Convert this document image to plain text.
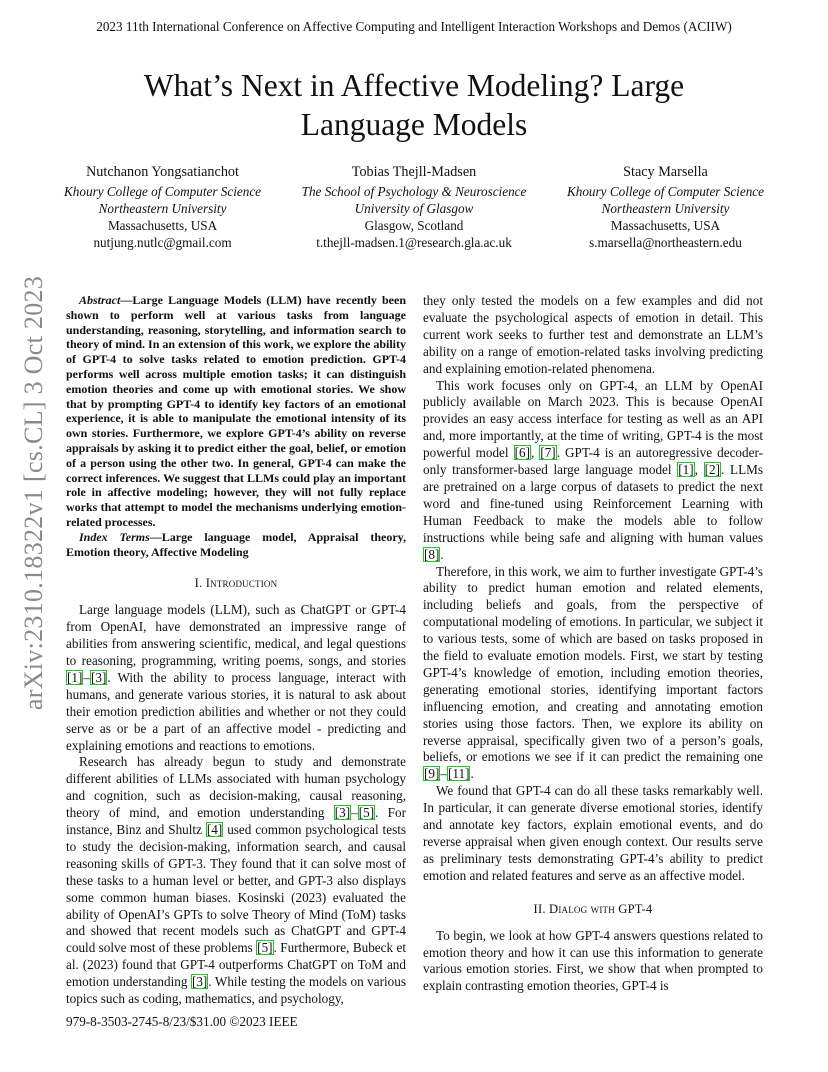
2023 11th International Conference on Affective Computing and Intelligent Interaction Workshops and Demos (ACIIW)
What’s Next in Affective Modeling? Large Language Models
Nutchanon Yongsatianchot
Khoury College of Computer Science
Northeastern University
Massachusetts, USA
nutjung.nutlc@gmail.com
Tobias Thejll-Madsen
The School of Psychology & Neuroscience
University of Glasgow
Glasgow, Scotland
t.thejll-madsen.1@research.gla.ac.uk
Stacy Marsella
Khoury College of Computer Science
Northeastern University
Massachusetts, USA
s.marsella@northeastern.edu
arXiv:2310.18322v1 [cs.CL] 3 Oct 2023	Abstract—Large Language Models (LLM) have recently been shown to perform well at various tasks from language understanding, reasoning, storytelling, and information search to theory of mind. In an extension of this work, we explore the ability of GPT-4 to solve tasks related to emotion prediction. GPT-4 performs well across multiple emotion tasks; it can distinguish emotion theories and come up with emotional stories. We show that by prompting GPT-4 to identify key factors of an emotional experience, it is able to manipulate the emotional intensity of its own stories. Furthermore, we explore GPT-4’s ability on reverse appraisals by asking it to predict either the goal, belief, or emotion of a person using the other two. In general, GPT-4 can make the correct inferences. We suggest that LLMs could play an important role in affective modeling; however, they will not fully replace works that attempt to model the mechanisms underlying emotion-related processes.

Index Terms—Large language model, Appraisal theory, Emotion theory, Affective Modeling

I. Introduction

Large language models (LLM), such as ChatGPT or GPT-4 from OpenAI, have demonstrated an impressive range of abilities from answering scientific, medical, and legal questions to reasoning, programming, writing poems, songs, and stories [1]–[3]. With the ability to process language, interact with humans, and generate various stories, it is natural to ask about their emotion prediction abilities and whether or not they could serve as or be a part of an affective model - predicting and explaining emotions and reactions to emotions.

Research has already begun to study and demonstrate different abilities of LLMs associated with human psychology and cognition, such as decision-making, causal reasoning, theory of mind, and emotion understanding [3]–[5]. For instance, Binz and Shultz [4] used common psychological tests to study the decision-making, information search, and causal reasoning skills of GPT-3. They found that it can solve most of these tasks to a human level or better, and GPT-3 also displays some common human biases. Kosinski (2023) evaluated the ability of OpenAI’s GPTs to solve Theory of Mind (ToM) tasks and showed that recent models such as ChatGPT and GPT-4 could solve most of these problems [5]. Furthermore, Bubeck et al. (2023) found that GPT-4 outperforms ChatGPT on ToM and emotion understanding [3]. While testing the models on various topics such as coding, mathematics, and psychology,

they only tested the models on a few examples and did not evaluate the psychological aspects of emotion in detail. This current work seeks to further test and demonstrate an LLM’s ability on a range of emotion-related tasks involving predicting and explaining emotion-related phenomena.

This work focuses only on GPT-4, an LLM by OpenAI publicly available on March 2023. This is because OpenAI provides an easy access interface for testing as well as an API and, more importantly, at the time of writing, GPT-4 is the most powerful model [6], [7]. GPT-4 is an autoregressive decoder-only transformer-based large language model [1], [2]. LLMs are pretrained on a large corpus of datasets to predict the next word and fine-tuned using Reinforcement Learning with Human Feedback to make the models able to follow instructions while being safe and aligning with human values [8].

Therefore, in this work, we aim to further investigate GPT-4’s ability to predict human emotion and related elements, including beliefs and goals, from the perspective of computational modeling of emotions. In particular, we subject it to various tests, some of which are based on tasks proposed in the field to evaluate emotion models. First, we start by testing GPT-4’s knowledge of emotion, including emotion theories, generating emotional stories, identifying important factors influencing emotion, and creating and annotating emotion stories using those factors. Then, we explore its ability on reverse appraisal, specifically given two of a person’s goals, beliefs, or emotions we see if it can predict the remaining one [9]–[11].

We found that GPT-4 can do all these tasks remarkably well. In particular, it can generate diverse emotional stories, identify and annotate key factors, explain emotional events, and do reverse appraisal when given enough context. Our results serve as preliminary tests demonstrating GPT-4’s ability to predict emotion and related features and serve as an affective model.

II. Dialog with GPT-4

To begin, we look at how GPT-4 answers questions related to emotion theory and how it can use this information to generate various emotion stories. First, we show that when prompted to explain contrasting emotion theories, GPT-4 is

979-8-3503-2745-8/23/$31.00 ©2023 IEEE
